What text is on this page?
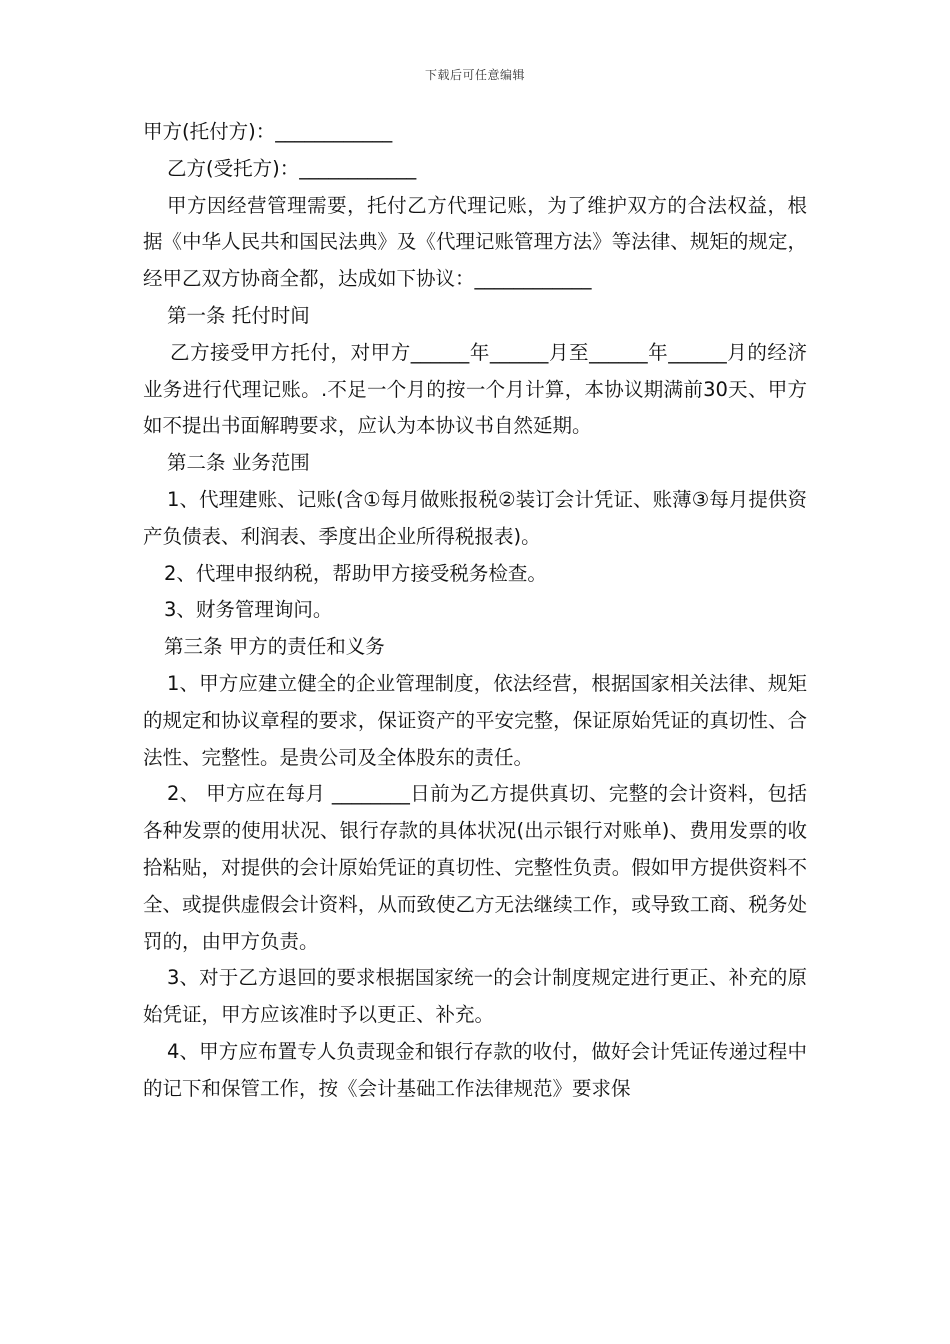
下载后可任意编辑

甲方(托付方)：____________

乙方(受托方)：____________

甲方因经营管理需要，托付乙方代理记账，为了维护双方的合法权益，根据《中华人民共和国民法典》及《代理记账管理方法》等法律、规矩的规定，经甲乙双方协商全都，达成如下协议：____________

第一条 托付时间

乙方接受甲方托付，对甲方______年______月至______年______月的经济业务进行代理记账。.不足一个月的按一个月计算，本协议期满前30天、甲方如不提出书面解聘要求，应认为本协议书自然延期。

第二条 业务范围

1、代理建账、记账(含①每月做账报税②装订会计凭证、账薄③每月提供资产负债表、利润表、季度出企业所得税报表)。

2、代理申报纳税，帮助甲方接受税务检查。

3、财务管理询问。

第三条 甲方的责任和义务

1、甲方应建立健全的企业管理制度，依法经营，根据国家相关法律、规矩的规定和协议章程的要求，保证资产的平安完整，保证原始凭证的真切性、合法性、完整性。是贵公司及全体股东的责任。

2、 甲方应在每月 ________日前为乙方提供真切、完整的会计资料，包括各种发票的使用状况、银行存款的具体状况(出示银行对账单)、费用发票的收拾粘贴，对提供的会计原始凭证的真切性、完整性负责。假如甲方提供资料不全、或提供虚假会计资料，从而致使乙方无法继续工作，或导致工商、税务处罚的，由甲方负责。

3、对于乙方退回的要求根据国家统一的会计制度规定进行更正、补充的原始凭证，甲方应该准时予以更正、补充。

4、甲方应布置专人负责现金和银行存款的收付，做好会计凭证传递过程中的记下和保管工作，按《会计基础工作法律规范》要求保
